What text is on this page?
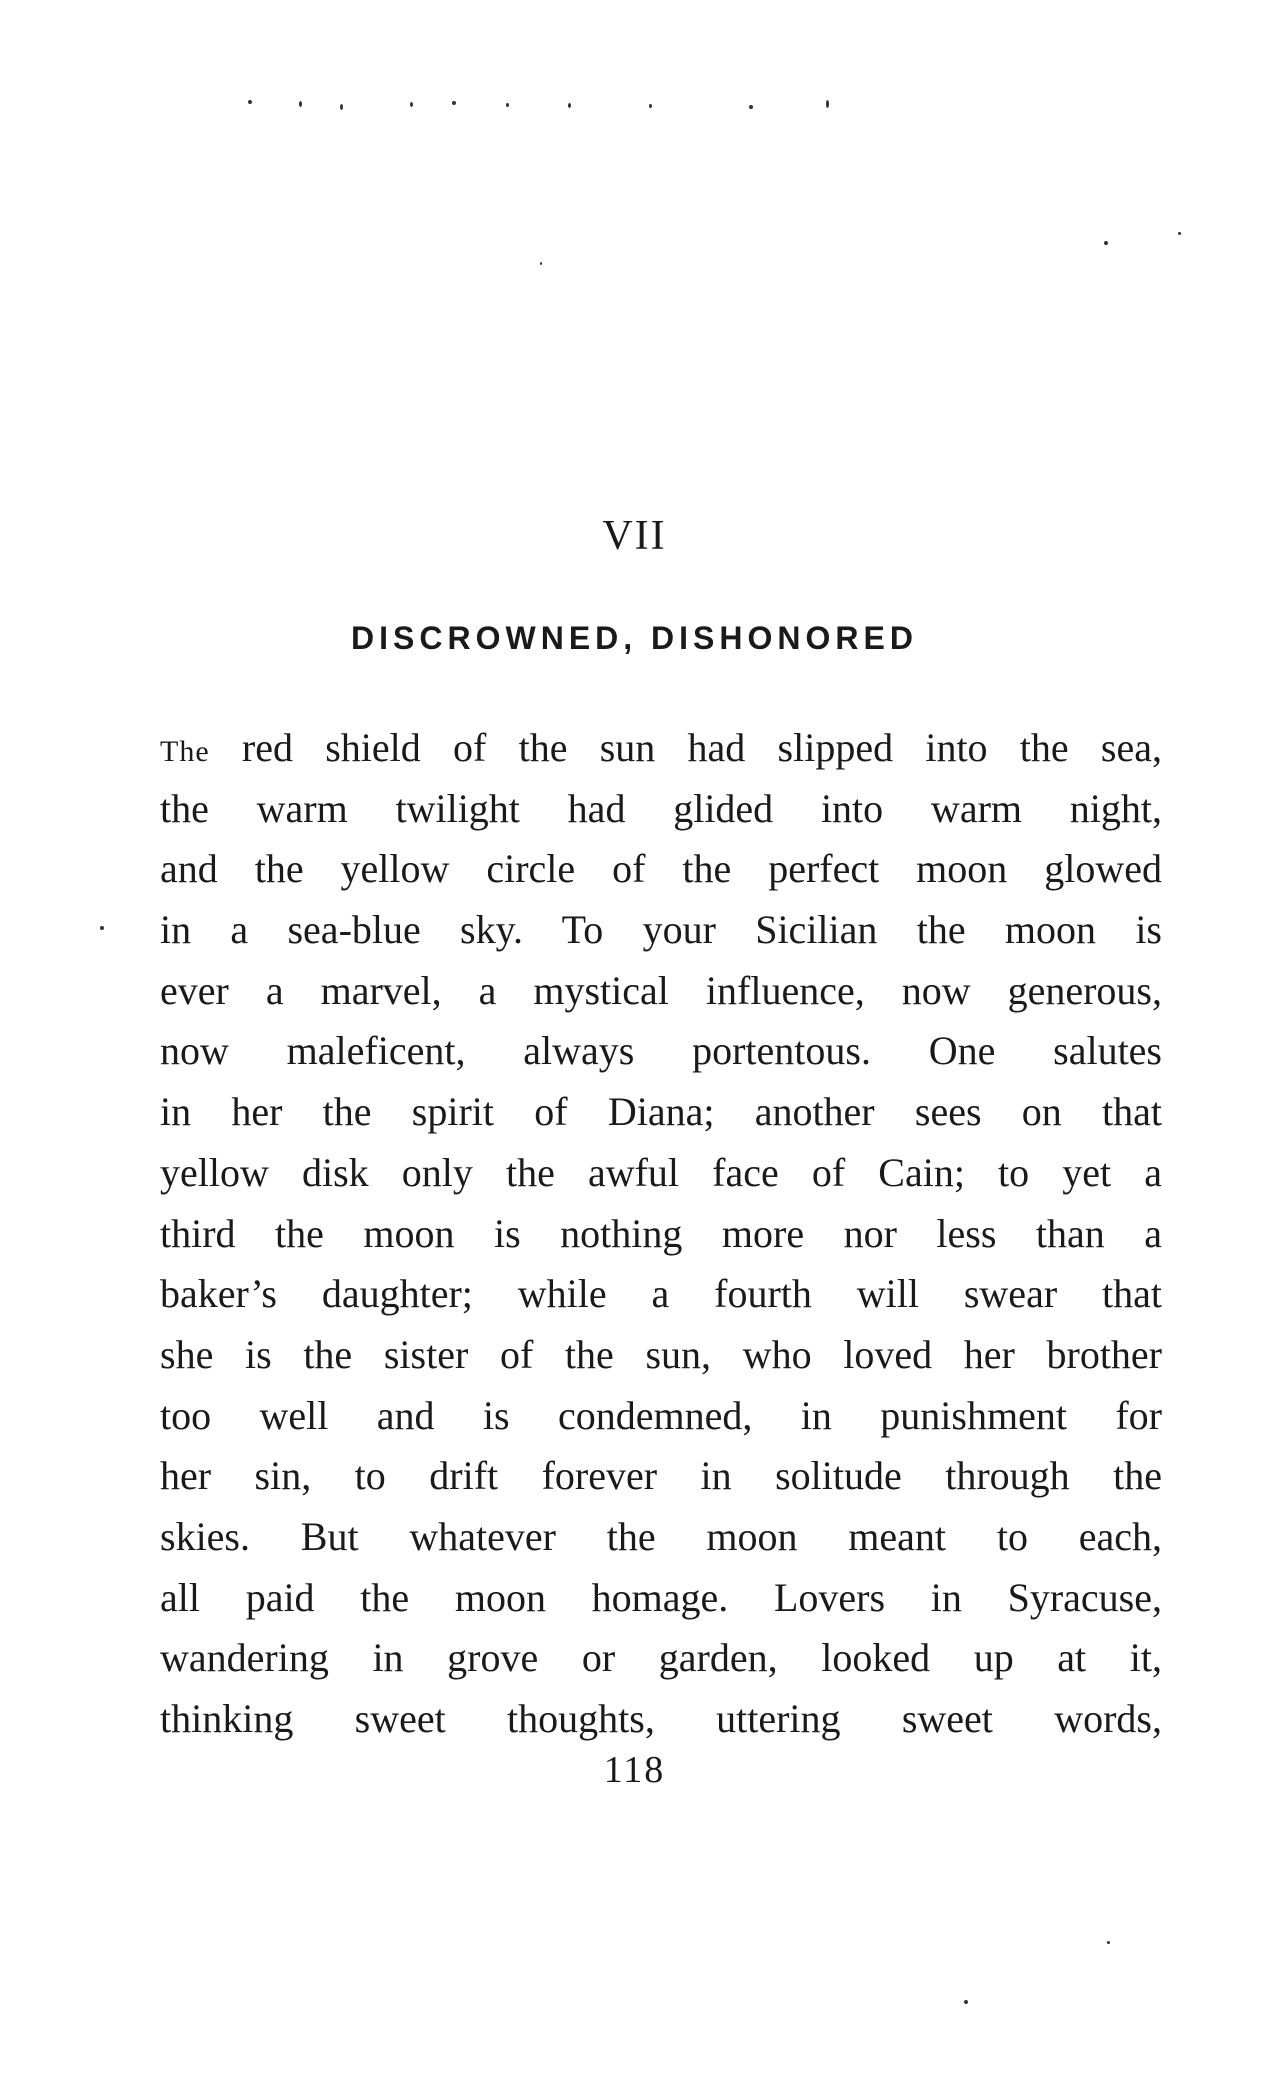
VII
DISCROWNED, DISHONORED
The red shield of the sun had slipped into the sea,
the warm twilight had glided into warm night,
and the yellow circle of the perfect moon glowed
in a sea-blue sky. To your Sicilian the moon is
ever a marvel, a mystical influence, now generous,
now maleficent, always portentous. One salutes
in her the spirit of Diana; another sees on that
yellow disk only the awful face of Cain; to yet a
third the moon is nothing more nor less than a
baker’s daughter; while a fourth will swear that
she is the sister of the sun, who loved her brother
too well and is condemned, in punishment for
her sin, to drift forever in solitude through the
skies. But whatever the moon meant to each,
all paid the moon homage. Lovers in Syracuse,
wandering in grove or garden, looked up at it,
thinking sweet thoughts, uttering sweet words,
118
